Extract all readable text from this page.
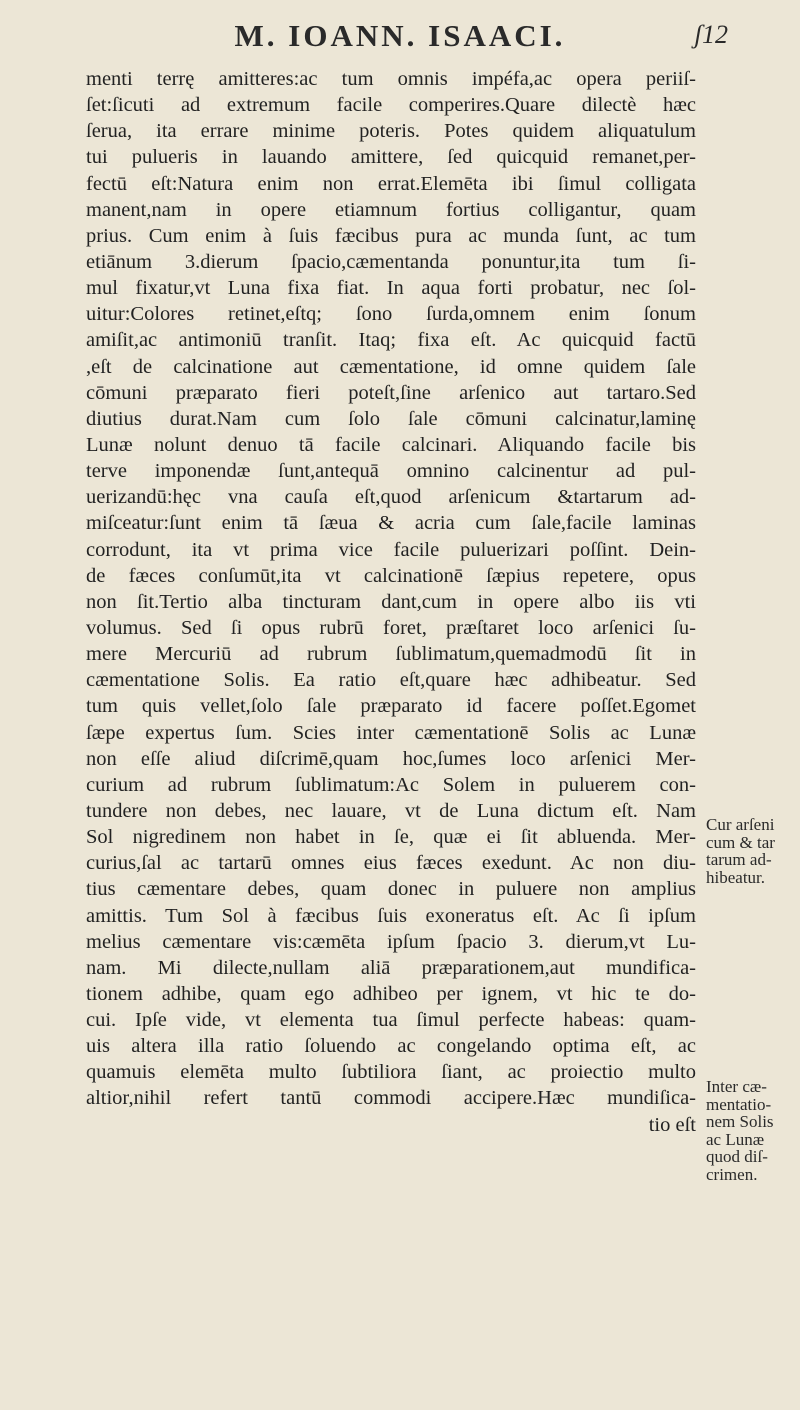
M. IOANN. ISAACI.	ʃ12
menti terrę amitteres:ac tum omnis impéfa,ac opera periiſ-
ſet:ſicuti ad extremum facile comperires.Quare dilectè hæc
ſerua, ita errare minime poteris. Potes quidem aliquatulum
tui pulueris in lauando amittere, ſed quicquid remanet,per-
fectū eſt:Natura enim non errat.Elemēta ibi ſimul colligata
manent,nam in opere etiamnum fortius colligantur, quam
prius. Cum enim à ſuis fæcibus pura ac munda ſunt, ac tum
etiānum 3.dierum ſpacio,cæmentanda ponuntur,ita tum ſi-
mul fixatur,vt Luna fixa fiat. In aqua forti probatur, nec ſol-
uitur:Colores retinet,eſtq; ſono ſurda,omnem enim ſonum
amiſit,ac antimoniū tranſit. Itaq; fixa eſt. Ac quicquid factū
,eſt de calcinatione aut cæmentatione, id omne quidem ſale
cōmuni præparato fieri poteſt,ſine arſenico aut tartaro.Sed
diutius durat.Nam cum ſolo ſale cōmuni calcinatur,laminę
Lunæ nolunt denuo tā facile calcinari. Aliquando facile bis
terve imponendæ ſunt,antequā omnino calcinentur ad pul-
uerizandū:hęc vna cauſa eſt,quod arſenicum &tartarum ad-
miſceatur:ſunt enim tā ſæua & acria cum ſale,facile laminas
corrodunt, ita vt prima vice facile puluerizari poſſint. Dein-
de fæces conſumūt,ita vt calcinationē ſæpius repetere, opus
non ſit.Tertio alba tincturam dant,cum in opere albo iis vti
volumus. Sed ſi opus rubrū foret, præſtaret loco arſenici ſu-
mere Mercuriū ad rubrum ſublimatum,quemadmodū ſit in
cæmentatione Solis. Ea ratio eſt,quare hæc adhibeatur. Sed
tum quis vellet,ſolo ſale præparato id facere poſſet.Egomet
ſæpe expertus ſum. Scies inter cæmentationē Solis ac Lunæ
non eſſe aliud diſcrimē,quam hoc,ſumes loco arſenici Mer-
curium ad rubrum ſublimatum:Ac Solem in puluerem con-
tundere non debes, nec lauare, vt de Luna dictum eſt. Nam
Sol nigredinem non habet in ſe, quæ ei ſit abluenda. Mer-
curius,ſal ac tartarū omnes eius fæces exedunt. Ac non diu-
tius cæmentare debes, quam donec in puluere non amplius
amittis. Tum Sol à fæcibus ſuis exoneratus eſt. Ac ſi ipſum
melius cæmentare vis:cæmēta ipſum ſpacio 3. dierum,vt Lu-
nam. Mi dilecte,nullam aliā præparationem,aut mundifica-
tionem adhibe, quam ego adhibeo per ignem, vt hic te do-
cui. Ipſe vide, vt elementa tua ſimul perfecte habeas: quam-
uis altera illa ratio ſoluendo ac congelando optima eſt, ac
quamuis elemēta multo ſubtiliora ſiant, ac proiectio multo
altior,nihil refert tantū commodi accipere.Hæc mundiſica-
tio eſt
Cur arſeni
cum & tar
tarum ad-
hibeatur.
Inter cæ-
mentatio-
nem Solis
ac Lunæ
quod diſ-
crimen.
